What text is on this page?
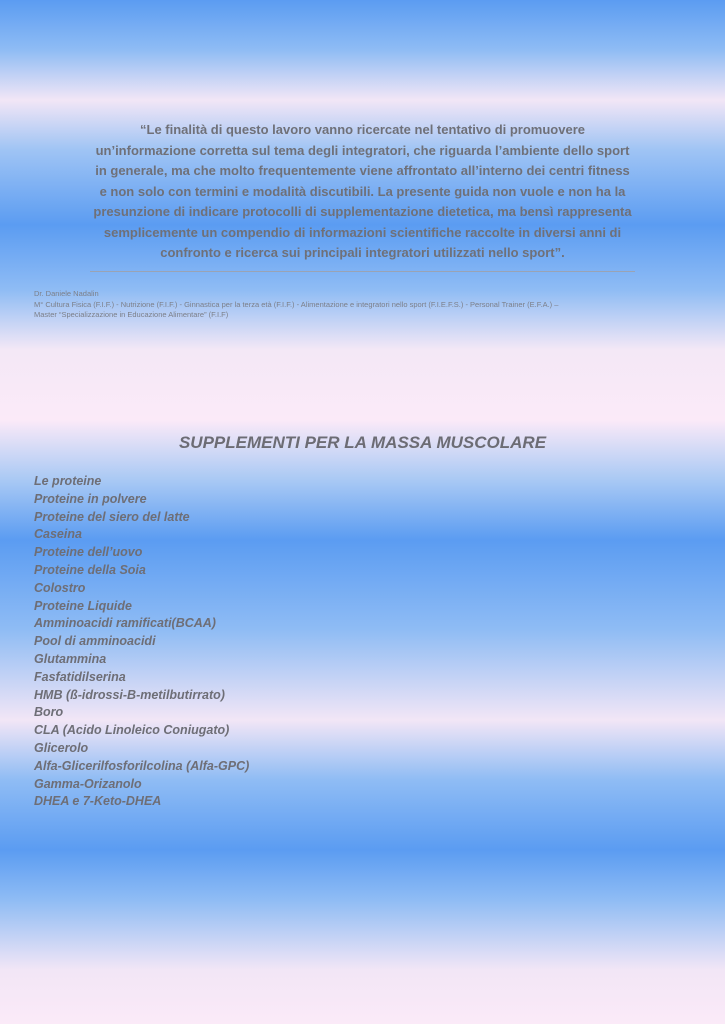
“Le finalità di questo lavoro vanno ricercate nel tentativo di promuovere
un’informazione corretta sul tema degli integratori, che riguarda l’ambiente dello sport
in generale, ma che molto frequentemente viene affrontato all’interno dei centri fitness
e non solo con termini e modalità discutibili. La presente guida non vuole e non ha la
presunzione di indicare protocolli di supplementazione dietetica, ma bensì rappresenta
semplicemente un compendio di informazioni scientifiche raccolte in diversi anni di
confronto e ricerca sui principali integratori utilizzati nello sport”.
Dr. Daniele Nadalin
M° Cultura Fisica (F.I.F.) - Nutrizione (F.I.F.) - Ginnastica per la terza età (F.I.F.) - Alimentazione e integratori nello sport (F.I.E.F.S.) - Personal Trainer (E.F.A.) –
Master “Specializzazione in Educazione Alimentare” (F.I.F)
SUPPLEMENTI PER LA MASSA MUSCOLARE
Le proteine
Proteine in polvere
Proteine del siero del latte
Caseina
Proteine dell’uovo
Proteine della Soia
Colostro
Proteine Liquide
Amminoacidi ramificati(BCAA)
Pool di amminoacidi
Glutammina
Fasfatidilserina
HMB (ß-idrossi-B-metilbutirrato)
Boro
CLA (Acido Linoleico Coniugato)
Glicerolo
Alfa-Glicerilfosforilcolina (Alfa-GPC)
Gamma-Orizanolo
DHEA e 7-Keto-DHEA
